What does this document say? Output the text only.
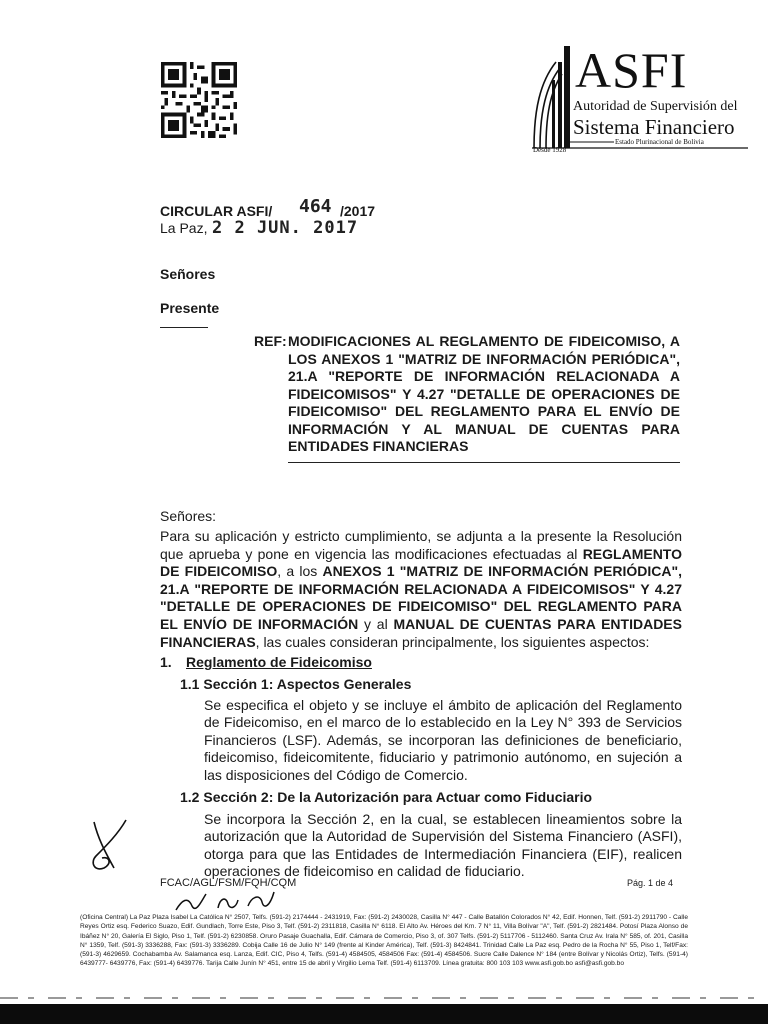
ASFI
Autoridad de Supervisión del
Sistema Financiero
Estado Plurinacional de Bolivia
Desde 1928
CIRCULAR ASFI/ 464 /2017
La Paz, 2 2 JUN. 2017
Señores
Presente
REF: MODIFICACIONES AL REGLAMENTO DE FIDEICOMISO, A LOS ANEXOS 1 "MATRIZ DE INFORMACIÓN PERIÓDICA", 21.A "REPORTE DE INFORMACIÓN RELACIONADA A FIDEICOMISOS" Y 4.27 "DETALLE DE OPERACIONES DE FIDEICOMISO" DEL REGLAMENTO PARA EL ENVÍO DE INFORMACIÓN Y AL MANUAL DE CUENTAS PARA ENTIDADES FINANCIERAS
Señores:
Para su aplicación y estricto cumplimiento, se adjunta a la presente la Resolución que aprueba y pone en vigencia las modificaciones efectuadas al REGLAMENTO DE FIDEICOMISO, a los ANEXOS 1 "MATRIZ DE INFORMACIÓN PERIÓDICA", 21.A "REPORTE DE INFORMACIÓN RELACIONADA A FIDEICOMISOS" Y 4.27 "DETALLE DE OPERACIONES DE FIDEICOMISO" DEL REGLAMENTO PARA EL ENVÍO DE INFORMACIÓN y al MANUAL DE CUENTAS PARA ENTIDADES FINANCIERAS, las cuales consideran principalmente, los siguientes aspectos:
1. Reglamento de Fideicomiso
1.1 Sección 1: Aspectos Generales
Se especifica el objeto y se incluye el ámbito de aplicación del Reglamento de Fideicomiso, en el marco de lo establecido en la Ley N° 393 de Servicios Financieros (LSF). Además, se incorporan las definiciones de beneficiario, fideicomiso, fideicomitente, fiduciario y patrimonio autónomo, en sujeción a las disposiciones del Código de Comercio.
1.2 Sección 2: De la Autorización para Actuar como Fiduciario
Se incorpora la Sección 2, en la cual, se establecen lineamientos sobre la autorización que la Autoridad de Supervisión del Sistema Financiero (ASFI), otorga para que las Entidades de Intermediación Financiera (EIF), realicen operaciones de fideicomiso en calidad de fiduciario.
FCAC/AGL/FSM/FQH/CQM	Pág. 1 de 4
(Oficina Central) La Paz Plaza Isabel La Católica N° 2507, Telfs. (591-2) 2174444 - 2431919, Fax: (591-2) 2430028, Casilla N° 447 - Calle Batallón Colorados N° 42, Edif. Honnen, Telf. (591-2) 2911790 - Calle Reyes Ortiz esq. Federico Suazo, Edif. Gundlach, Torre Este, Piso 3, Telf. (591-2) 2311818, Casilla N° 6118. El Alto Av. Héroes del Km. 7 N° 11, Villa Bolívar "A", Telf. (591-2) 2821484. Potosí Plaza Alonso de Ibáñez N° 20, Galería El Siglo, Piso 1, Telf. (591-2) 6230858. Oruro Pasaje Guachalla, Edif. Cámara de Comercio, Piso 3, of. 307 Telfs. (591-2) 5117706 - 5112460. Santa Cruz Av. Irala N° 585, of. 201, Casilla N° 1359, Telf. (591-3) 3336288, Fax: (591-3) 3336289. Cobija Calle 16 de Julio N° 149 (frente al Kinder América), Telf. (591-3) 8424841. Trinidad Calle La Paz esq. Pedro de la Rocha N° 55, Piso 1, Telf/Fax: (591-3) 4629659. Cochabamba Av. Salamanca esq. Lanza, Edif. CIC, Piso 4, Telfs. (591-4) 4584505, 4584506 Fax: (591-4) 4584506. Sucre Calle Dalence N° 184 (entre Bolívar y Nicolás Ortiz), Telfs. (591-4) 6439777- 6439776, Fax: (591-4) 6439776. Tarija Calle Junín N° 451, entre 15 de abril y Virgilio Lema Telf. (591-4) 6113709. Línea gratuita: 800 103 103 www.asfi.gob.bo asfi@asfi.gob.bo
